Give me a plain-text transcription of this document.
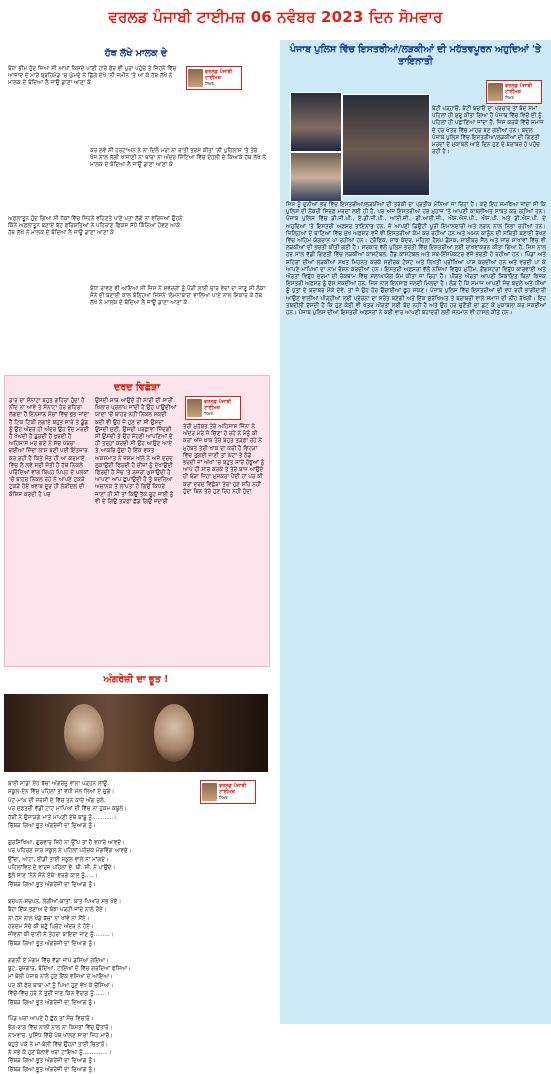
ਵਰਲਡ ਪੰਜਾਬੀ ਟਾਈਮਜ਼ 06 ਨਵੰਬਰ 2023 ਦਿਨ ਸੋਮਵਾਰ
ਹੱਥ ਲੱਖੇ ਮਾਲਕ ਦੇ
ਵਰਲਡ ਪੰਜਾਬੀ ਟਾਈਮਜ਼
ਲਿਖਤ
ਬੋਧਾ ਭੀਮ ਹੁੰਦ ਜ਼ਿਆ ਸੀ ਆਪਾਂ ਕਿਸਦੇ ਪਾਣੀ ਹਾਰੇ ਫੇਰ ਵੀ ਪੁਰਾ ਪਹੁੰਚੇ ਤੇ ਜਿਹਨੇ ਵਿੱਚ ਆਜ਼ਾਦ ਦੇ ਮਾਰੇ ਬ੍ਰਹਿਮੰਡ 'ਚ ਘੁੰਮਦੇ ਨੇ ਡਿੱਗੇ ਦੇਖੇ 'ਨੀ ਜ਼ਮੀਨ 'ਤੇ ਆ ਕੇ ਹੱਥ ਲੱਖੇ ਨੇ ਮਾਲਕ ਦੇ ਬੰਦਿਆ ਲੈ ਜਾਊ ਡਾਣਾ ਆਣਾ ਕੇ
ਕਰ ਲਵੇ ਸੀ ਹਰਟਾਅਨ ਨੇ ਨਾ ਦਿਲੋ ਮਰਾ ਨਾ ਰਾਤੀ ਤਰਸ ਕੀਤਾ 'ਨੀ ਪੁਹਿਲਾਸ 'ਤੇ ਤੇਰੇ ਖੋਜ ਨਾਲ ਲੱਗੀ ਖਾਜਾਣੀ ਨਾ ਥਾਰਾ ਨਾ ਅੰਦਰ ਸਿੰਟਿਆ ਵਿੱਚ ਦੇਹਲੀ ਦੇ ਕਿਆਕੇ ਹੱਥ ਲੱਖੇ ਨੇ ਮਾਲਕ ਦੇ ਬੰਦਿਆ ਲੈ ਜਾਊ ਡਾਣਾ ਆਣਾ ਕੇ
ਅਫ਼ਲਾਤੂਨ ਹੁੰਦ ਗਿਆ ਸੀ ਧੱਕਾਂ ਵਿੱਚ ਜਿਹਨੇ ਵਹਿਣਤੇ ਪਾਣੇ ਪਤਾ ਲੱਗੇ ਨਾ ਵਰਿਜਆਂ ਉਹਨੇ ਕਿੰਨੇ ਅਫ਼ਲਾਤੂਨ ਬਣਾਏ ਬੱਟ ਫਰਿਸ਼ਤਿਆਂ ਨੇ ਪਹਿਰਾਣ ਫਿਕਸ ਸੱਧੇ ਕਿੰਨਿਆ ਹੋਵਣ ਆਕੇ ਹੱਥ ਲੱਖੇ ਨੇ ਮਾਲਕ ਦੇ ਬੰਦਿਆ ਲੈ ਜਾਊ ਡਾਣਾ ਆਣਾ ਕੇ
ਬੋਧਾ ਰਾਵਣ ਵੀ ਆਇਆ ਸੀ ਜਿਸ ਨੇ ਸਵਰਗਾਂ ਨੂੰ ਪੌੜੀ ਲਾਈ ਚਾਰ ਵੇਦਾਂ ਦਾ ਜਾਣੂ ਸੀ ਲੰਕਾ ਸੋਨੇ ਦੀ ਬਣਾਈ ਕਾਲ ਬੰਨ੍ਹਿਆ ਜਿਸਨੇ 'ਲੋਮਨਾਬਾਰ' ਵਾਲਿਆ ਪਾਏ ਨਾਲ ਸ਼ਿਕਾਰ ਕੇ ਹੱਥ ਲੱਖੇ ਨੇ ਮਾਲਕ ਦੇ ਬੰਦਿਆ ਲੈ ਜਾਊ ਡਾਣਾ ਆਣਾ ਕੇ
ਦਰਦ ਵਿਛੋੜਾ
ਡਾਰ ਦਾ ਸੰਨਾਟਾ ਬਹੁਤ ਗਹਿਰਾ ਹੁੰਦਾ ਹੈ ਨੀਂਦ ਨਾ ਆਵੇ ਤੇ ਸੰਨਾਟਾ ਹੋਰ ਗਹਿਰਾ ਲੱਗਦਾ ਹੈ ਇਨਸਾਨ ਸੋਚਾਂ ਵਿੱਚ ਖੁੱਭ ਜਾਂਦਾ ਹੈ ਟਿਕ ਟਿਕੀ ਲਗਾਏ ਬਹੁਤ ਸਾਰੇ ਤੇ ਡੂੰਡ ਨੂੰ ਉਹ ਅੰਦਰ ਹੀ ਅੰਦਰ ਉਹ ਰੋਂਦ ਮਰਦੀ ਹੈ ਖੰਘਦੀ ਹੈ ਡੁਰਦੀ ਹੈ ਖੁਰਦੀ ਹੈ ਅਹਿਸਾਸ ਮਰ ਗਏ ਨੇ ਸੱਚ ਪੱਥਰਾ ਗਈਆਂ ਜ਼ਿੰਦਾ ਲਾਸ਼ ਬਣੀ ਪਈ ਇੰਤਜ਼ਾਰ ਕਰ ਰਹੀ ਹੈ ਕਿਤੇ ਮੌਤ ਹੀ ਆ ਕਰਮਾਏ ਵਿੱਚ ਲੈ ਲਵੇ ਸਦੀ ਜੋਤੀ ਹੈ ਹੱਥ ਨਿਕਲੇ ਪਰਿੰਦਿਆਂ ਵਾਂਗ ਬਿਪ੍ਹ ਪਿਪ੍ਹ ਦੇ ਪਲਕਾਂ 'ਚੋਂ ਬਾਹਰ ਨਿਕਲ ਰਹੇ ਨੇ ਆਪਣੇ ਟੁਕੜੇ ਟੁਕੜੇ ਹੋਏ ਖਵਾਬ ਦੂਰ ਹੀ ਲੋੜੀਦਲ ਦੀ ਕੋਸ਼ਿਸ਼ ਕਰਦੀ ਹੈ ਪਰ
ਉਸਦੀ ਸਾਥ ਆਉਂਦੇ ਹੀ ਸਾਰੀ ਦੀ ਸਾਰੀ ਖਿਲਾਰ ਪ੍ਰਲਾਪ ਜਾਂਦੀ ਹੈ ਉਹ ਪਾਉਂਦੀਆਂ ਯਾਦਾਂ 'ਚੋਂ ਬਾਹਰ ਨਹੀਂ ਨਿਕਲ ਸਕਦੀ ਕਦੀ ਵੀ ਉਹ ਜੋ ਹੁਣ ਰਾਂ ਸੀ ਉਸਦਾ ਉਸਦੀ ਸੁਣੀ, ਉਸਦੀ ਪਰਛਾਵਾਂ ਜ਼ਿੰਦਗੀ ਸੀ ਉਸਦੀ ਤੇ ਉਹ ਸੋਹਣੀ ਆਪਣਿਆਂ ਦੇ ਹੀ ਤਰ੍ਹਾਂ ਕਰਦੀ ਸੀ ਉਹ ਆਉਣ ਆਏ ਤੇ ਆਕਰਿ ਹੁੰਦਾ ਹੈ ਇੱਕ ਵਕਤ ਅਕਸਮਾਤ ਨੇ ਜ਼ਸ਼ਮ ਅੱਲੇ ਨੇ ਅਜੇ ਦਰਦ ਲੁਕਾਉਂਦੀ ਫਿਰਦੀ ਹੈ ਚੀਜ਼ਾਂ ਨੂੰ ਦੇਖਾਉਂਦੀ ਫਿਰਦੀ ਹੈ ਸੋਚ 'ਤੇ ਨਜ਼ਰਾਂ ਘੁਸਾਉਂਦੀ ਹੈ ਆਪਣਾ ਆਪ ਛੁਪਾਉਂਦੀ ਹੈ ਤੂੰ ਬਦਲਿਆ ਅਚਾਨਕ ਤੇ ਲਾਪਤਾ ਹੋ ਗਿਉਂ ਕਿਧਰੇ ਜਾਣਾ ਹੀ ਸੀ ਤਾਂ ਕਿਉਂ ਤੱਕ ਰੂਹ ਜਾਈ ਨੂੰ ਵੀ ਦੇ ਗਿਉਂ ਤੜਫ਼ਾ ਛੱਡ ਗਿਉਂ ਜਦਾਈ
ਵਰਲਡ ਪੰਜਾਬੀ ਟਾਈਮਜ਼
ਲਿਖਤ
ਤੇਰੀ ਮੁਹੱਬਤ ਤੇਰੇ ਅਹਿਸਾਸ ਜਿੰਨਾ ਨੇ ਅੰਦਰ ਮੇਰੇ ਜੋ ਚਿੱਣਾ ਹੋ ਰਹੇ ਨੇ ਮੈਨੂੰ ਕੀ ਕਰਾਂ ਅੱਜ ਖ਼ਾਬ ਤੇਰੇ ਬਹੁਤ ਤੜਫ਼ਾ ਰਹੇ ਨੇ ਮੁਹੱਬਤ ਤੇਰੀ ਖਾਕ ਦਾ ਕਰੀ ਹੈ ਵਿਹੜਾ ਵਿੱਚ ਤੁਗਈ ਜਾਣੀ ਤਾਂ ਘੱਟਾ ਤੇ ਠੰਡੇ ਭਰਦੀ ਜਾਂ ਅੱਖਾਂ 'ਚ ਬਹੁਤ ਸਾਰੇ ਹੰਝੂਆਂ ਨੂੰ ਆਪੇ ਹੀ ਸਾਰ ਕਰਕੇ ਤੇ ਤੇਰੇ ਬਾਜ ਆਉਂਦੇ ਹੀ ਥੋੜਾ ਜਿਹਾ ਮੁਸਕਰਾ ਪੈਂਦੀ ਹਾਂ ਪਰ ਕੀ ਕਰਾਂ ਦਰਦ ਵਿਛੋੜਾ ਤੇਰਾ ਹੁਣ ਸਹਿ ਨਹੀਂ ਹੁੰਦਾ ਬਿਨ ਤੇਰੇ ਹੁਣ ਰਿਹ ਨਹੀਂ ਹੁੰਦਾ
ਅੰਗਰੇਜ਼ੀ ਦਾ ਭੂਤ !
ਵਰਲਡ ਪੰਜਾਬੀ ਟਾਈਮਜ਼
ਲਿਖਤ
ਬਾਈ ਸਾਡਾ ਏਹ ਬੱਚਾ ਅੰਗਰੇਜ਼ੂ ਵਾਲਾ ਪੜ੍ਹਨ ਲਾਊਂ,
ਸਕੂਲ-ਏਨ ਵਿੱਚ ਪਹਿਲਾਂ ਤਾਂ ਵਧੀ ਮੱਲ ਲਿਆਂ ਏ ਚੁਗੇ।
ਪੇਟ-ਮਾਘ ਦੀ ਜਰਸੀ ਦੇ ਵਿੱਚ ਤਨ ਕਾਦੇ ਅੰਗ ਜੁਲੇ,
ਪਰ ਦਫ਼ਤਰੀ ਵੱਡੀ ਟਾਟ ਮਾਪਿਆਂ ਦੀ ਵਿੱਚ ਨਾ ਹੁਕਮ ਕਬੂਲੇ।
ਹੱਥੀਂ ਨੇ ਉਜਾੜਗੇ ਮਾਤੇ ਮਾਪਣੀ ਏਥੇ ਬਾਬੂ ਨੂੰ............।
ਚਿੱਬੜ ਗਿਆ ਭੂਤ ਅੰਗਰੇਜ਼ੀ ਦਾ ਦਿਆਗ ਨੂੰ।

ਗੁਰਸਿਖਿਆ, ਗੁਰਵਾਰ ਜਿਹੇ ਨਾ ਉੱਪ ਤਾਂ ਹੈ ਵਧਾਰੇ ਆਵਦੇ।
ਪਰ ਪਹਿਰਣ ਸਾਰ ਸਕੂਲ ਨੇ ਪਹਿਲਾਂ ਪਹੰਚਕ ਮੰਗਵਿੰਗ ਆਵਦੇ।
ਉੱਚਾ, ਆਟਾ, ਈਡੀ ਤਾਈ ਸਕੂਲ ਵਾਲੇ ਨਾ ਮਾਂਗਦੇ।
ਪਹਿਲਾਂਵਿਤ ਦੇ ਵਾਰਜ ਪਹਿਲਾਂ ਏ. ਬੀ. ਸੀ. ਨੇ ਪਾਉਂਦੇ।
ਭੁੱਲੇ ਸਾਣ 'ਨੇਨੇ ਸੋਨੇ ਏਥੇ' ਵਰਗੇ ਕਾਲ ਨੂੰ.....।
ਚਿੱਬੜ ਗਿਆ ਭੂਤ ਅੰਗਰੇਜ਼ੀ ਦਾ ਦਿਆਗ ਨੂੰ।

ਬਚਪਨ-ਸਚਪਨ, ਲੇਗੀਆਂ-ਬਾਤਾਂ, ਬਾਤ-ਪਿਆਰ ਸਭ ਖੋਏ।
ਬੈਹਾ ਇੱਕ ਤਣਾਅ ਦੇ ਬੋਝਾ ਪੜ੍ਹੀ ਜਾਂਦੇ ਨਾਲੇ ਰੋਏ।
ਨਾ ਹੱਸ ਨਾਲ ਖੇਡੇ ਬੱਚਾ ਨਾ ਖਾਵੇ ਨਾ ਸੌਂਏ।
ਹਰਦਮ ਸੋਚੇ ਕੀ ਬਣੂੰ ਪ੍ਰਿੰਟ ਅੰਦਰ ਨੇ ਹੋਏ।
ਜੀਵਨਾਂ ਕੀ ਦਾਈ ਨੇ ਤੇਹਰਾ ਬਾਇਦਾ ਜਾਣ ਨੂੰ.........।
ਚਿੱਬੜ ਗਿਆ ਭੂਤ ਅੰਗਰੇਜ਼ੀ ਦਾ ਦਿਆਗ ਨੂੰ।

ਗਗਨੀ ਏ ਮੰਗਮ ਵਿੱਚ ਵੱਡਾ ਜਾਪੇ ਡਸਿਆ ਗਇਆ।
ਬੂਟ, ਰੁਜ਼ਗਾਰ, ਬੰਦਿਆਂ, ਟਾਇਆਂ ਦੇ ਵਿੱਚ ਗਰਦਿਆਂ ਫਸਿਆ।
ਮਾਂ ਬੋਲੀ ਪੰਜਾਬ ਨਾਲੋਂ ਹੁਣ ਇੱਕ ਵਸਿਆ ਦੇ ਆਇਆ।
ਪਰ ਕੀ ਫੇਰ ਬਾਬਾ-ਮਾਂ ਨੂੰ ਪਿਆ ਹੁਣ ਵੇਖ ਕੇ ਚੌਸਿਆ।
ਵਿੱਚੋਂ-ਵਿੱਚ ਹਰੇ ਨੇ ਤੁਰੀਂ ਜਾਣ ਕਿਨ ਵੈਰਾਗ ਨੂੰ.......।
ਚਿੱਬੜ ਗਿਆ ਭੂਤ ਅੰਗਰੇਜ਼ੀ ਦਾ ਦਿਆਗ ਨੂੰ।

ਪਿੰਡ ਘਰਾਂ ਆਪਣੇ ਹੈ ਛੁੱਠ ਤਾਂ ਸੋਚ ਵਿਚਾਰੋ।
ਭੋਗ-ਰਾਗ ਵਿੱਚ ਨਾਲੀਂ ਨਾਲ ਨਾ ਕਿਸਤਾਂ ਵਿੱਚ ਉਤਾਰੋ।
ਨਾਮਵਾਰ, ਪੁਸ਼ਿੰਧ ਵਿੱਚੋਂ ਪੰਥ ਪਾਲਣ ਸਾਰਾ ਜਿਹ ਮਾਰੋ।
ਬਹੁਤੇ ਪਕੇ ਨੇ ਮਾਂ-ਬੋਲੀ ਵਿੱਚ ਉਹਨਾਂ ਤਾਈਂ ਚਿਤਾਰੋ।
ਨੇ ਸਭੇ ਕੋ ਹੁਣ ਬੋਲਾਵੇ ਖਰਾ ਟਾਇਆ ਨੂੰ..............।
ਚਿੱਬੜ ਗਿਆ ਭੂਤ ਅੰਗਰੇਜ਼ੀ ਦਾ ਦਿਆਗ ਨੂੰ।
ਚਿੱਬੜ ਗਿਆ ਭੂਤ ਅੰਗਰੇਜ਼ੀ ਦਾ ਦਿਆਗ ਨੂੰ।
ਪੰਜਾਬ ਪੁਲਿਸ ਵਿੱਚ ਇਸਤਰੀਆਂ/ਲੜਕੀਆਂ ਦੀ ਮਹੱਤਵਪੂਰਨ ਅਹੁਦਿਆਂ 'ਤੇ ਤਾਇਨਾਤੀ
ਵਰਲਡ ਪੰਜਾਬੀ ਟਾਈਮਜ਼
ਲਿਖਤ
ਬੇਟੀ ਪੜ੍ਹਾਓ, ਬੇਟੀ ਬਚਾਓ ਦਾ ਪ੍ਰਚਾਰ ਤਾਂ ਬੰਦ ਸਮਾਂ ਪਹਿਲਾਂ ਹੀ ਸ਼ੁਰੂ ਕੀਤਾ ਗਿਆ ਹੈ ਪੰਜਾਬ ਵਿੱਚ ਵਿਚੋਂ ਦੀ ਨੂੰ ਪਹਿਲਾਂ ਹੀ ਪਛਾਣਿਆ ਜਾਂਦਾ ਹੈ, ਜਿਸ ਕਰਕੇ ਵਿੱਚੋਂ ਸਮਾਜ ਦੇ ਹਰ ਖੇਤਰ ਵਿੱਚ ਮਾਹਰ ਬਣ ਗਈਆਂ ਹਨ। ਬਦਲ ਪੰਜਾਬ ਪੁਲਿਸ ਵਿੱਚ ਇਸਤਰੀਆਂ/ਲੜਕੀਆਂ ਦੀ ਗਿਣਤੀ ਮਰਦਾਂ ਦੇ ਮੁਕਾਬਲੇ ਆਏ ਦਿਨ ਹੁਣ ਦੇ ਬਰਾਬਰ ਹੋ ਪਹੁੰਚ ਰਹੀ ਹੈ।
ਜਿਸ ਨੂੰ ਦੁਨੀਆਂ ਭਰ ਵਿੱਚ ਇਸਤਰੀਆਂ/ਲੜਕੀਆਂ ਦੀ ਤਰੱਕੀ ਦਾ ਪ੍ਰਤੀਕ ਮੰਨਿਆ ਜਾ ਰਿਹਾ ਹੈ। ਕਦੇ ਇਹ ਸਮਝਿਆ ਜਾਂਦਾ ਸੀ ਕਿ ਪੁਲਿਸ ਦੀ ਨੌਕਰੀ ਸਿਰਫ਼ ਮਰਦਾਂ ਲਈ ਹੀ ਹੈ, ਪਰ ਅੱਜ ਇਸਤਰੀਆਂ ਹਰ ਮੁਹਾਜ਼ 'ਤੇ ਆਪਣੀ ਕਾਬਲੀਅਤ ਸਾਬਤ ਕਰ ਰਹੀਆਂ ਹਨ। ਪੰਜਾਬ ਪੁਲਿਸ ਵਿੱਚ ਡੀ.ਜੀ.ਪੀ., ਏ.ਡੀ.ਜੀ.ਪੀ., ਆਈ.ਜੀ., ਡੀ.ਆਈ.ਜੀ., ਐਸ.ਐਸ.ਪੀ., ਐਸ.ਪੀ. ਅਤੇ ਡੀ.ਐਸ.ਪੀ. ਦੇ ਅਹੁਦਿਆਂ 'ਤੇ ਇਸਤਰੀ ਅਫ਼ਸਰ ਤਾਇਨਾਤ ਹਨ, ਜੋ ਆਪਣੀ ਡਿਊਟੀ ਪੂਰੀ ਇਮਾਨਦਾਰੀ ਅਤੇ ਲਗਨ ਨਾਲ ਨਿਭਾ ਰਹੀਆਂ ਹਨ। ਜ਼ਿਲ੍ਹਿਆਂ ਦੇ ਥਾਣਿਆਂ ਵਿੱਚ ਮੁੱਖ ਅਫ਼ਸਰ ਵਜੋਂ ਵੀ ਇਸਤਰੀਆਂ ਕੰਮ ਕਰ ਰਹੀਆਂ ਹਨ ਅਤੇ ਅਮਨ ਕਾਨੂੰਨ ਦੀ ਸਥਿਤੀ ਬਣਾਈ ਰੱਖਣ ਵਿੱਚ ਅਹਿਮ ਯੋਗਦਾਨ ਪਾ ਰਹੀਆਂ ਹਨ। ਟ੍ਰੈਫਿਕ, ਸਾਂਝ ਕੇਂਦਰ, ਮਹਿਲਾ ਹੈਲਪ ਡੈਸਕ, ਸਾਈਬਰ ਸੈੱਲ ਅਤੇ ਜਾਂਚ ਸ਼ਾਖਾਵਾਂ ਵਿੱਚ ਵੀ ਲੜਕੀਆਂ ਦੀ ਭਰਤੀ ਕੀਤੀ ਗਈ ਹੈ। ਸਰਕਾਰ ਵੱਲੋਂ ਪੁਲਿਸ ਭਰਤੀ ਵਿੱਚ ਇਸਤਰੀਆਂ ਲਈ ਰਾਖਵਾਂਕਰਨ ਕੀਤਾ ਗਿਆ ਹੈ, ਜਿਸ ਨਾਲ ਹਰ ਸਾਲ ਵੱਡੀ ਗਿਣਤੀ ਵਿੱਚ ਲੜਕੀਆਂ ਕਾਂਸਟੇਬਲ, ਹੈੱਡ ਕਾਂਸਟੇਬਲ ਅਤੇ ਸਬ-ਇੰਸਪੈਕਟਰ ਵਜੋਂ ਭਰਤੀ ਹੋ ਰਹੀਆਂ ਹਨ। ਪਿੰਡਾਂ ਅਤੇ ਸ਼ਹਿਰਾਂ ਦੀਆਂ ਲੜਕੀਆਂ ਸਖ਼ਤ ਮਿਹਨਤ ਕਰਕੇ ਸਰੀਰਕ ਟੈਸਟ ਅਤੇ ਲਿਖਤੀ ਪ੍ਰੀਖਿਆ ਪਾਸ ਕਰਦੀਆਂ ਹਨ ਅਤੇ ਵਰਦੀ ਪਾ ਕੇ ਆਪਣੇ ਮਾਪਿਆਂ ਦਾ ਨਾਮ ਰੌਸ਼ਨ ਕਰਦੀਆਂ ਹਨ। ਇਸਤਰੀ ਅਫ਼ਸਰਾਂ ਵੱਲੋਂ ਨਸ਼ਿਆਂ ਵਿਰੁੱਧ ਮੁਹਿੰਮ, ਗੈਂਗਸਟਰਾਂ ਵਿਰੁੱਧ ਕਾਰਵਾਈ ਅਤੇ ਔਰਤਾਂ ਵਿਰੁੱਧ ਜੁਰਮਾਂ ਦੀ ਰੋਕਥਾਮ ਵਿੱਚ ਸ਼ਲਾਘਾਯੋਗ ਕੰਮ ਕੀਤਾ ਜਾ ਰਿਹਾ ਹੈ। ਪੀੜਤ ਔਰਤਾਂ ਆਪਣੀ ਸ਼ਿਕਾਇਤ ਬਿਨਾਂ ਝਿਜਕ ਇਸਤਰੀ ਅਫ਼ਸਰ ਨੂੰ ਦੱਸ ਸਕਦੀਆਂ ਹਨ, ਜਿਸ ਨਾਲ ਇਨਸਾਫ਼ ਜਲਦੀ ਮਿਲਦਾ ਹੈ। ਲੋੜ ਹੈ ਕਿ ਸਮਾਜ ਆਪਣੀ ਸੋਚ ਬਦਲੇ ਅਤੇ ਧੀਆਂ ਨੂੰ ਪੁੱਤਾਂ ਦੇ ਬਰਾਬਰ ਮੌਕੇ ਦੇਵੇ, ਤਾਂ ਜੋ ਉਹ ਹੋਰ ਉਚਾਈਆਂ ਛੂਹ ਸਕਣ। ਪੰਜਾਬ ਪੁਲਿਸ ਵਿੱਚ ਇਸਤਰੀਆਂ ਦੀ ਵਧ ਰਹੀ ਭਾਗੀਦਾਰੀ ਆਉਣ ਵਾਲੀਆਂ ਪੀੜ੍ਹੀਆਂ ਲਈ ਪ੍ਰੇਰਨਾ ਦਾ ਸਰੋਤ ਬਣੇਗੀ ਅਤੇ ਇੱਕ ਸੁਰੱਖਿਅਤ ਤੇ ਬਰਾਬਰੀ ਵਾਲੇ ਸਮਾਜ ਦੀ ਨੀਂਹ ਰੱਖੇਗੀ। ਇਹ ਤਬਦੀਲੀ ਦੱਸਦੀ ਹੈ ਕਿ ਹੁਣ ਕੋਈ ਵੀ ਖੇਤਰ ਔਰਤਾਂ ਲਈ ਬੰਦ ਨਹੀਂ ਹੈ ਅਤੇ ਉਹ ਹਰ ਚੁਣੌਤੀ ਦਾ ਡਟ ਕੇ ਮੁਕਾਬਲਾ ਕਰ ਸਕਦੀਆਂ ਹਨ। ਪੰਜਾਬ ਪੁਲਿਸ ਦੀਆਂ ਇਸਤਰੀ ਅਫ਼ਸਰਾਂ ਨੇ ਕਈ ਵਾਰ ਆਪਣੀ ਬਹਾਦਰੀ ਲਈ ਸਨਮਾਨ ਵੀ ਹਾਸਲ ਕੀਤੇ ਹਨ।
